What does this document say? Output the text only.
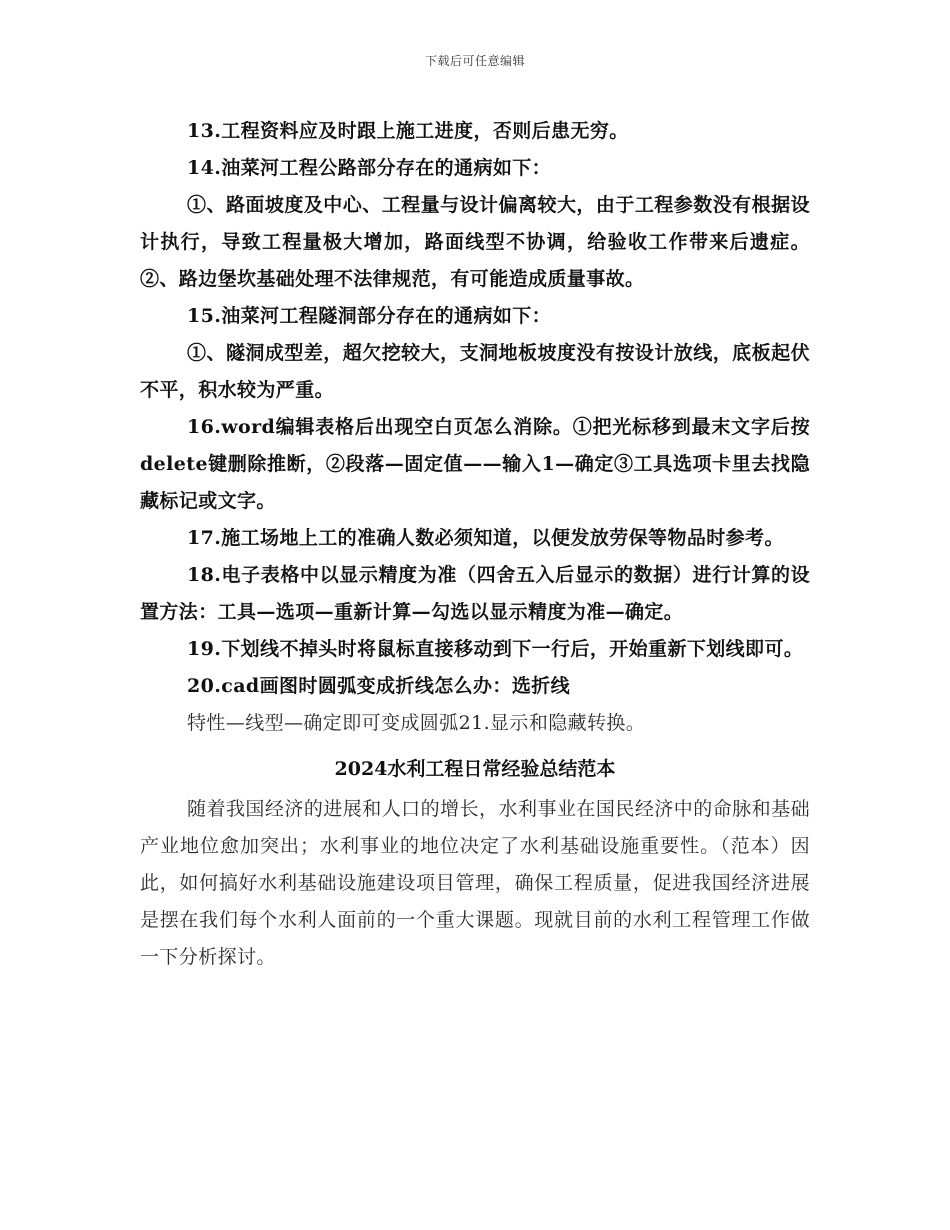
下载后可任意编辑

13.工程资料应及时跟上施工进度，否则后患无穷。

14.油菜河工程公路部分存在的通病如下：

①、路面坡度及中心、工程量与设计偏离较大，由于工程参数没有根据设计执行，导致工程量极大增加，路面线型不协调，给验收工作带来后遗症。②、路边堡坎基础处理不法律规范，有可能造成质量事故。

15.油菜河工程隧洞部分存在的通病如下：

①、隧洞成型差，超欠挖较大，支洞地板坡度没有按设计放线，底板起伏不平，积水较为严重。

16.word编辑表格后出现空白页怎么消除。①把光标移到最末文字后按delete键删除推断，②段落—固定值——输入1—确定③工具选项卡里去找隐藏标记或文字。

17.施工场地上工的准确人数必须知道，以便发放劳保等物品时参考。

18.电子表格中以显示精度为准（四舍五入后显示的数据）进行计算的设置方法：工具—选项—重新计算—勾选以显示精度为准—确定。

19.下划线不掉头时将鼠标直接移动到下一行后，开始重新下划线即可。

20.cad画图时圆弧变成折线怎么办：选折线

特性—线型—确定即可变成圆弧21.显示和隐藏转换。

2024水利工程日常经验总结范本

随着我国经济的进展和人口的增长，水利事业在国民经济中的命脉和基础产业地位愈加突出；水利事业的地位决定了水利基础设施重要性。（范本）因此，如何搞好水利基础设施建设项目管理，确保工程质量，促进我国经济进展是摆在我们每个水利人面前的一个重大课题。现就目前的水利工程管理工作做一下分析探讨。
